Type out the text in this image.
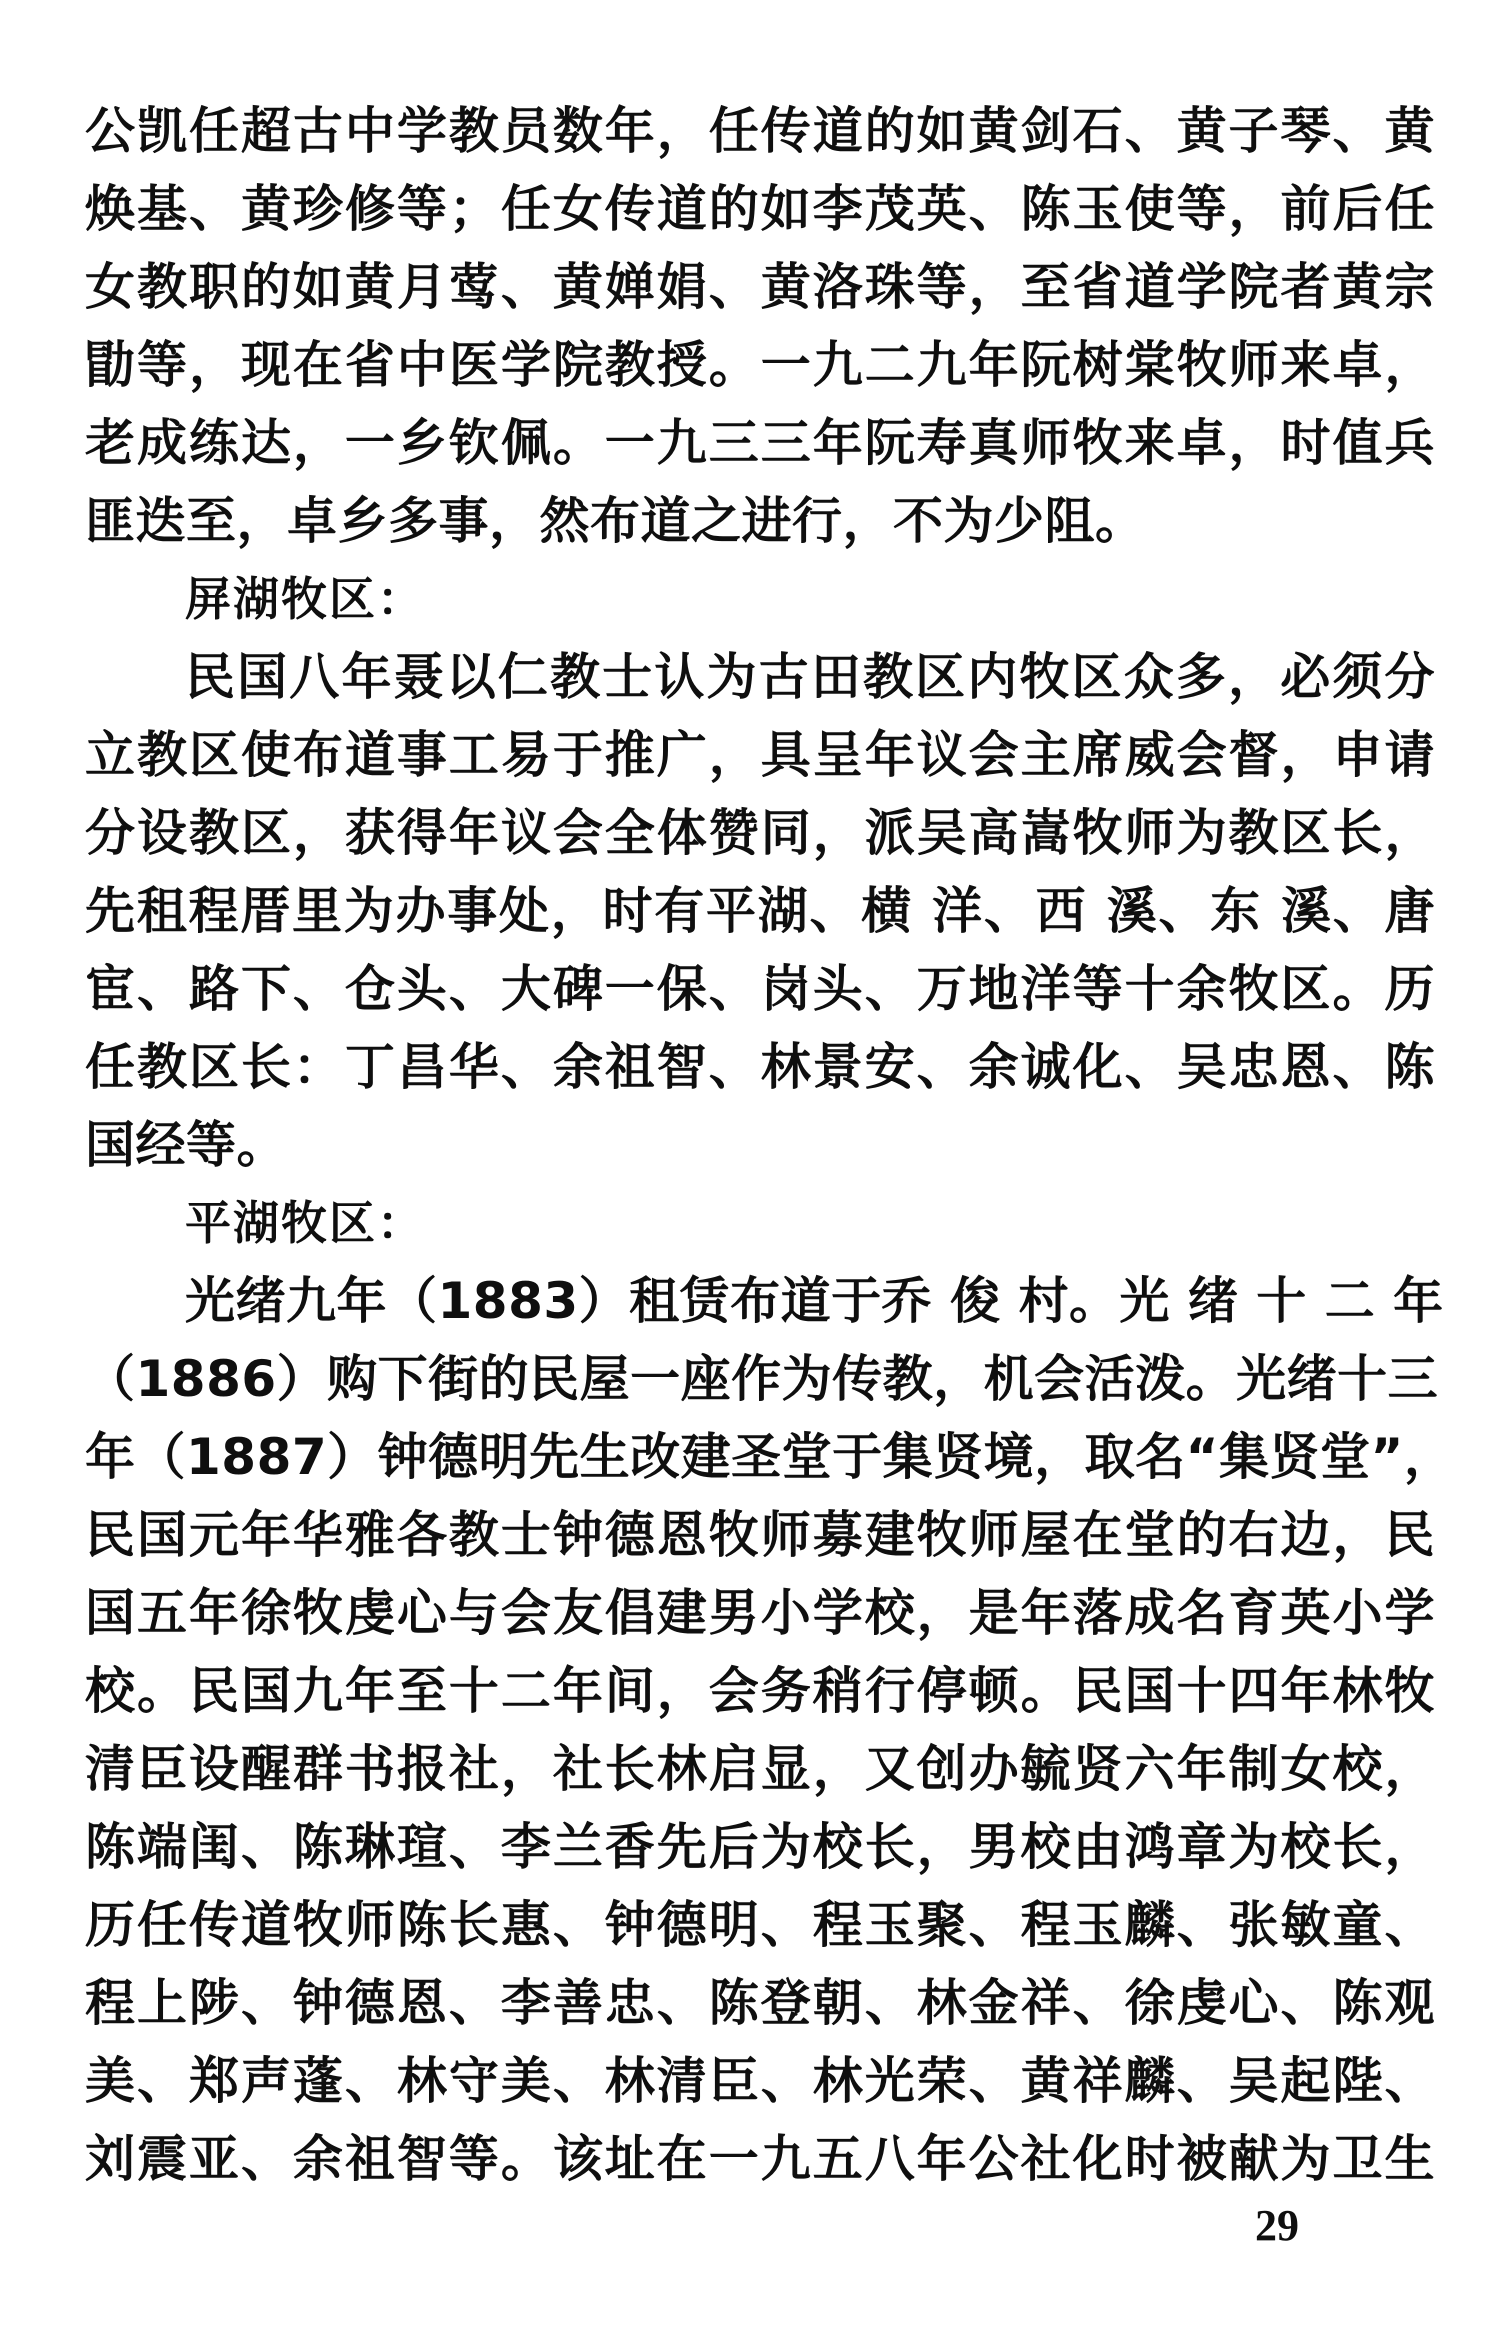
公凯任超古中学教员数年，任传道的如黄剑石、黄子琴、黄
焕基、黄珍修等；任女传道的如李茂英、陈玉使等，前后任
女教职的如黄月莺、黄婵娟、黄洛珠等，至省道学院者黄宗
勖等，现在省中医学院教授。一九二九年阮树棠牧师来卓，
老成练达，一乡钦佩。一九三三年阮寿真师牧来卓，时值兵
匪迭至，卓乡多事，然布道之进行，不为少阻。
屏湖牧区：
民国八年聂以仁教士认为古田教区内牧区众多，必须分
立教区使布道事工易于推广，具呈年议会主席威会督，申请
分设教区，获得年议会全体赞同，派吴高嵩牧师为教区长，
先租程厝里为办事处，时有平湖、横 洋、西 溪、东 溪、唐
宦、路下、仓头、大碑一保、岗头、万地洋等十余牧区。历
任教区长：丁昌华、余祖智、林景安、余诚化、吴忠恩、陈
国经等。
平湖牧区：
光绪九年（1883）租赁布道于乔 俊 村。光 绪 十 二 年
（1886）购下街的民屋一座作为传教，机会活泼。光绪十三
年（1887）钟德明先生改建圣堂于集贤境，取名“集贤堂”，
民国元年华雅各教士钟德恩牧师募建牧师屋在堂的右边，民
国五年徐牧虔心与会友倡建男小学校，是年落成名育英小学
校。民国九年至十二年间，会务稍行停顿。民国十四年林牧
清臣设醒群书报社，社长林启显，又创办毓贤六年制女校，
陈端闺、陈琳瑄、李兰香先后为校长，男校由鸿章为校长，
历任传道牧师陈长惠、钟德明、程玉聚、程玉麟、张敏童、
程上陟、钟德恩、李善忠、陈登朝、林金祥、徐虔心、陈观
美、郑声蓬、林守美、林清臣、林光荣、黄祥麟、吴起陛、
刘震亚、余祖智等。该址在一九五八年公社化时被献为卫生
29
